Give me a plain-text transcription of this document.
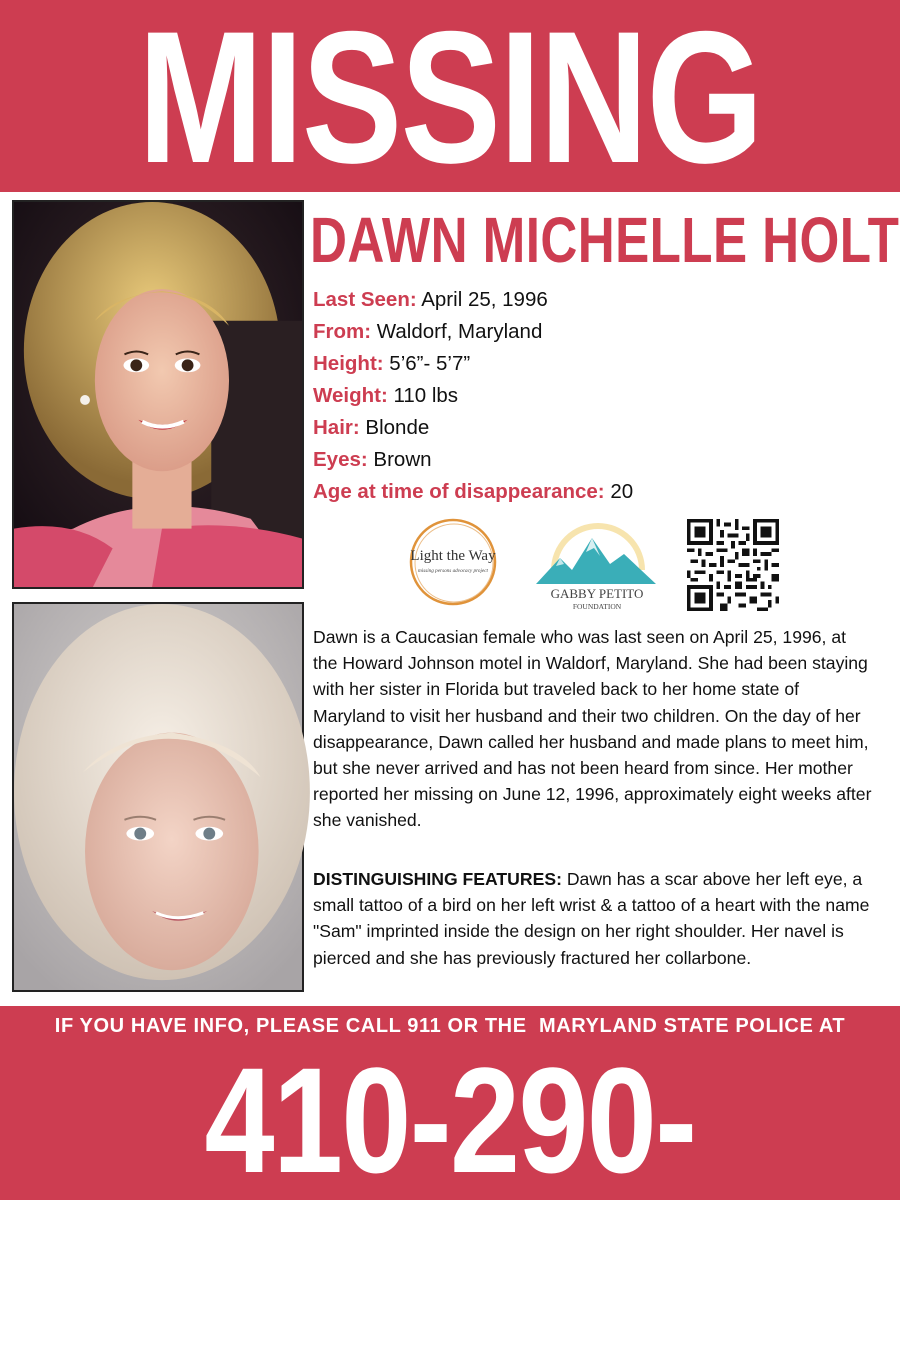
MISSING
DAWN MICHELLE HOLT
Last Seen: April 25, 1996
From: Waldorf, Maryland
Height: 5’6”- 5’7”
Weight: 110 lbs
Hair: Blonde
Eyes: Brown
Age at time of disappearance: 20
Light the Way
missing persons advocacy project
GABBY PETITO
FOUNDATION
Dawn is a Caucasian female who was last seen on April 25, 1996, at the Howard Johnson motel in Waldorf, Maryland. She had been staying with her sister in Florida but traveled back to her home state of Maryland to visit her husband and their two children. On the day of her disappearance, Dawn called her husband and made plans to meet him, but she never arrived and has not been heard from since. Her mother reported her missing on June 12, 1996, approximately eight weeks after she vanished.
DISTINGUISHING FEATURES: Dawn has a scar above her left eye, a small tattoo of a bird on her left wrist & a tattoo of a heart with the name "Sam" imprinted inside the design on her right shoulder. Her navel is pierced and she has previously fractured her collarbone.
IF YOU HAVE INFO, PLEASE CALL 911 OR THE  MARYLAND STATE POLICE AT
410-290-0050
